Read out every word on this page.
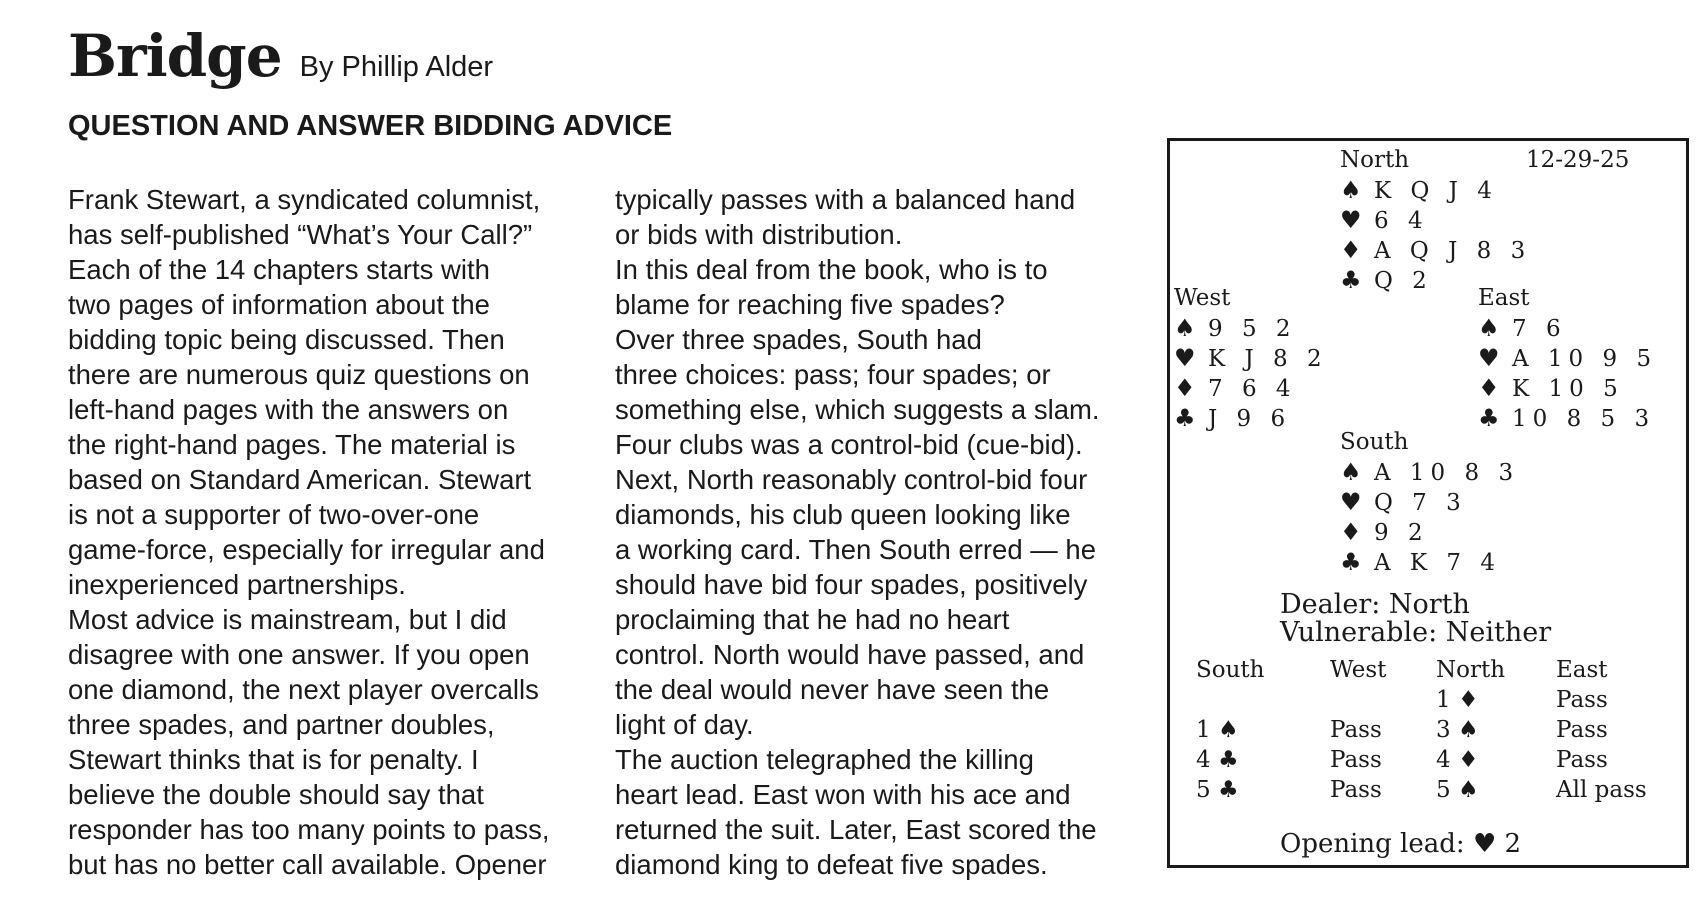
Bridge By Phillip Alder
QUESTION AND ANSWER BIDDING ADVICE
Frank Stewart, a syndicated columnist,
has self-published “What’s Your Call?”
Each of the 14 chapters starts with
two pages of information about the
bidding topic being discussed. Then
there are numerous quiz questions on
left-hand pages with the answers on
the right-hand pages. The material is
based on Standard American. Stewart
is not a supporter of two-over-one
game-force, especially for irregular and
inexperienced partnerships.
Most advice is mainstream, but I did
disagree with one answer. If you open
one diamond, the next player overcalls
three spades, and partner doubles,
Stewart thinks that is for penalty. I
believe the double should say that
responder has too many points to pass,
but has no better call available. Opener
typically passes with a balanced hand
or bids with distribution.
In this deal from the book, who is to
blame for reaching five spades?
Over three spades, South had
three choices: pass; four spades; or
something else, which suggests a slam.
Four clubs was a control-bid (cue-bid).
Next, North reasonably control-bid four
diamonds, his club queen looking like
a working card. Then South erred — he
should have bid four spades, positively
proclaiming that he had no heart
control. North would have passed, and
the deal would never have seen the
light of day.
The auction telegraphed the killing
heart lead. East won with his ace and
returned the suit. Later, East scored the
diamond king to defeat five spades.
12-29-25
North
♠ K Q J 4
♥ 6 4
♦ A Q J 8 3
♣ Q 2
West
♠ 9 5 2
♥ K J 8 2
♦ 7 6 4
♣ J 9 6
East
♠ 7 6
♥ A 10 9 5
♦ K 10 5
♣ 10 8 5 3
South
♠ A 10 8 3
♥ Q 7 3
♦ 9 2
♣ A K 7 4
Dealer: North
Vulnerable: Neither
South	West	North	East
		1 ♦	Pass
1 ♠	Pass	3 ♠	Pass
4 ♣	Pass	4 ♦	Pass
5 ♣	Pass	5 ♠	All pass
Opening lead: ♥ 2
